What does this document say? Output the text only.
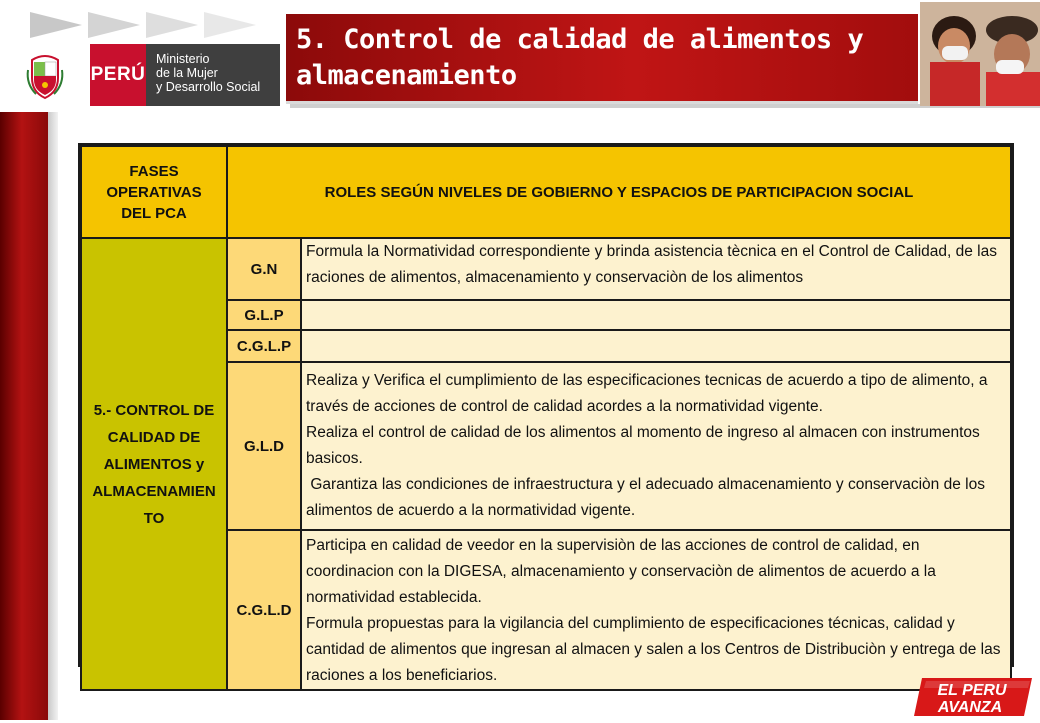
PERÚ
Ministerio
de la Mujer
y Desarrollo Social
5. Control de calidad de alimentos y
almacenamiento
FASES OPERATIVAS DEL PCA	ROLES SEGÚN NIVELES DE GOBIERNO Y ESPACIOS DE PARTICIPACION SOCIAL	
5.- CONTROL DE CALIDAD DE ALIMENTOS y ALMACENAMIEN TO	G.N	Formula la Normatividad correspondiente y brinda asistencia tècnica en el Control de Calidad, de las raciones de alimentos, almacenamiento y conservaciòn de los alimentos

	G.L.P	
	C.G.L.P	
	G.L.D	Realiza y Verifica el cumplimiento de las especificaciones tecnicas de acuerdo a tipo de alimento, a través de acciones de control de calidad acordes a la normatividad vigente.
Realiza el control de calidad de los alimentos al momento de ingreso al almacen con instrumentos basicos.
Garantiza las condiciones de infraestructura y el adecuado almacenamiento y conservaciòn de los alimentos de acuerdo a la normatividad vigente.

	C.G.L.D	Participa en calidad de veedor en la supervisiòn de las acciones de control de calidad, en coordinacion con la DIGESA, almacenamiento y conservaciòn de alimentos de acuerdo a la normatividad establecida.
Formula propuestas para la vigilancia del cumplimiento de especificaciones técnicas, calidad y cantidad de alimentos que ingresan al almacen y salen a los Centros de Distribuciòn y entrega de las raciones a los beneficiarios.
EL PERU
AVANZA
